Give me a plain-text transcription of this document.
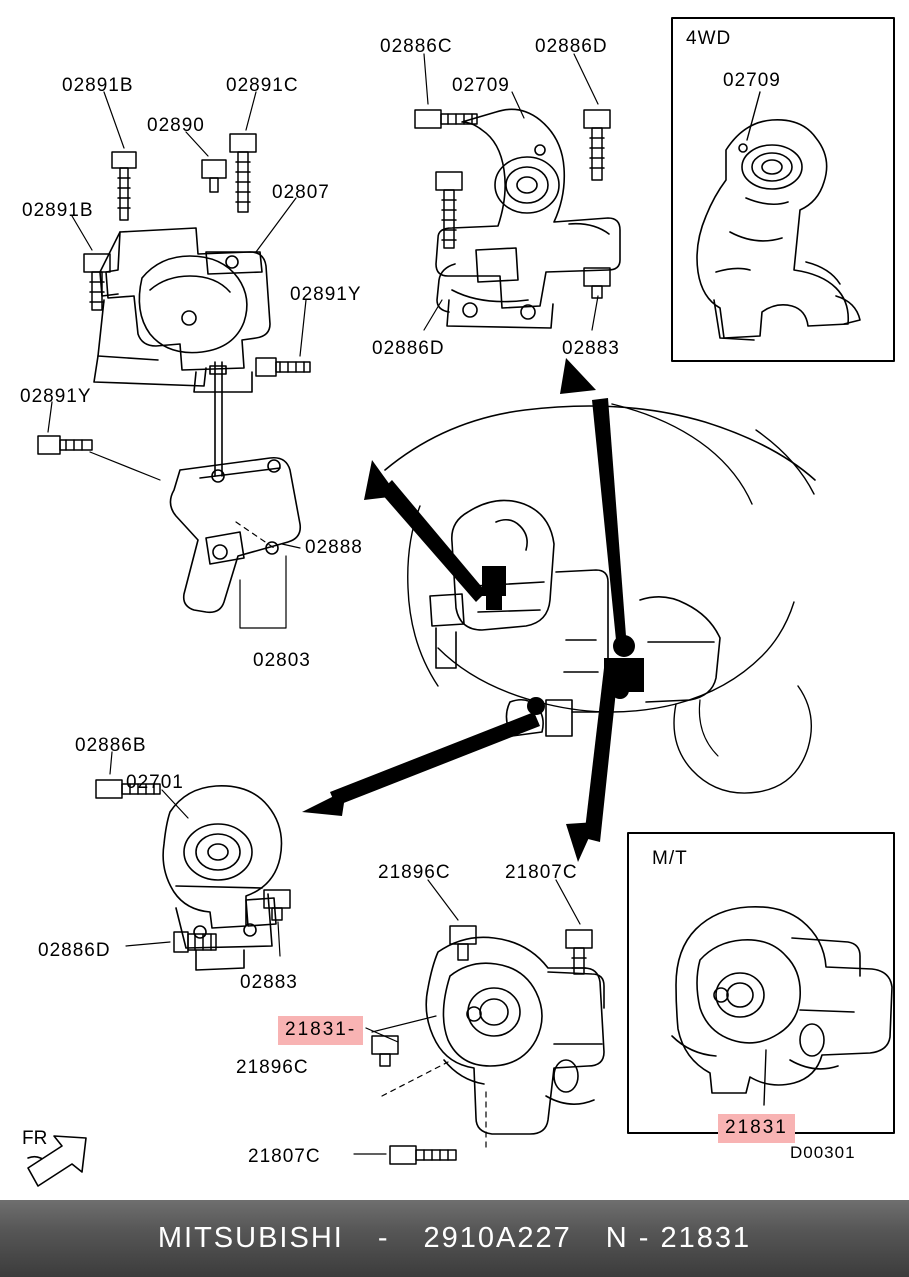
02891B	02891C
02890
02807
02891B
02891Y
02891Y
02888
02803
02886C	02886D
02709
02886D	02883
02709
02886B
02701
02886D
02883
21896C	21807C
21896C
21807C
21831-
21831
4WD
M/T
D00301
FR
MITSUBISHI - 2910A227 N - 21831
